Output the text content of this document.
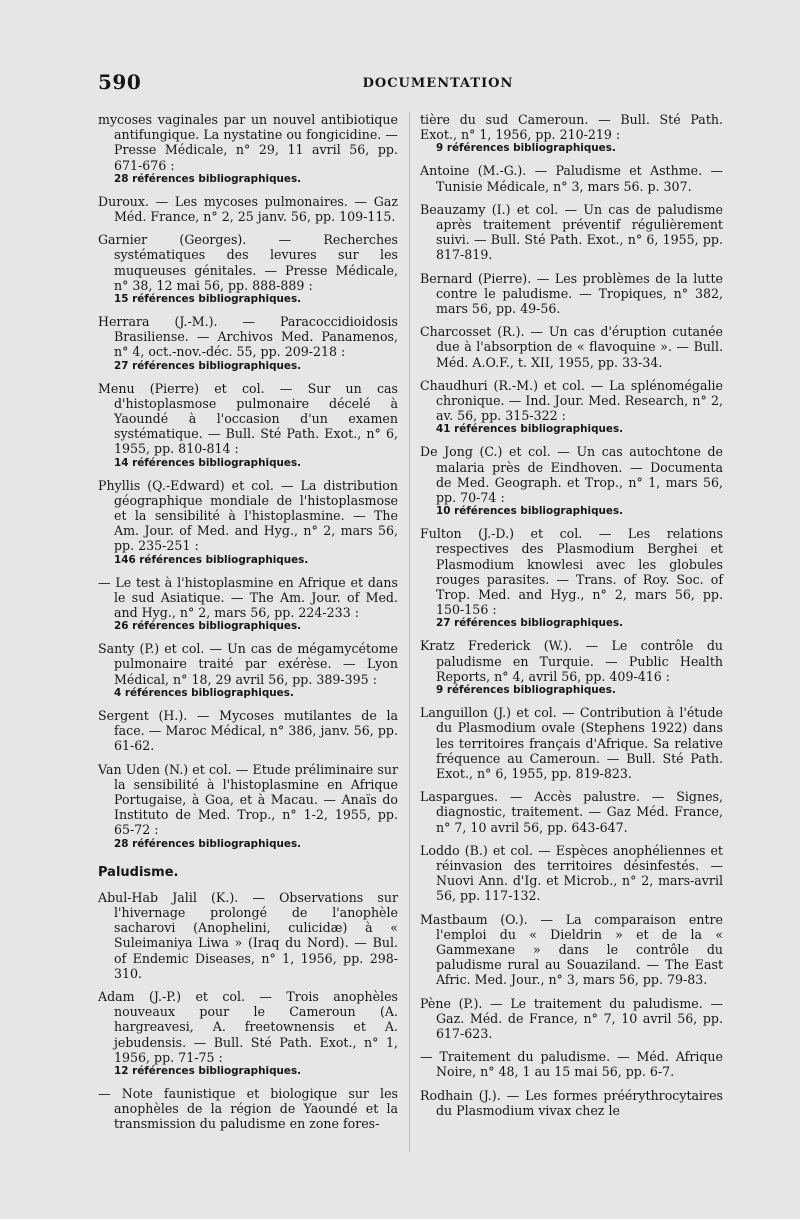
590	DOCUMENTATION

mycoses vaginales par un nouvel antibiotique antifungique. La nystatine ou fongicidine. — Presse Médicale, n° 29, 11 avril 56, pp. 671-676 :

28 références bibliographiques.

Duroux. — Les mycoses pulmonaires. — Gaz Méd. France, n° 2, 25 janv. 56, pp. 109-115.

Garnier (Georges). — Recherches systématiques des levures sur les muqueuses génitales. — Presse Médicale, n° 38, 12 mai 56, pp. 888-889 :

15 références bibliographiques.

Herrara (J.-M.). — Paracoccidioidosis Brasiliense. — Archivos Med. Panamenos, n° 4, oct.-nov.-déc. 55, pp. 209-218 :

27 références bibliographiques.

Menu (Pierre) et col. — Sur un cas d'histoplasmose pulmonaire décelé à Yaoundé à l'occasion d'un examen systématique. — Bull. Sté Path. Exot., n° 6, 1955, pp. 810-814 :

14 références bibliographiques.

Phyllis (Q.-Edward) et col. — La distribution géographique mondiale de l'histoplasmose et la sensibilité à l'histoplasmine. — The Am. Jour. of Med. and Hyg., n° 2, mars 56, pp. 235-251 :

146 références bibliographiques.

— Le test à l'histoplasmine en Afrique et dans le sud Asiatique. — The Am. Jour. of Med. and Hyg., n° 2, mars 56, pp. 224-233 :

26 références bibliographiques.

Santy (P.) et col. — Un cas de mégamycétome pulmonaire traité par exérèse. — Lyon Médical, n° 18, 29 avril 56, pp. 389-395 :

4 références bibliographiques.

Sergent (H.). — Mycoses mutilantes de la face. — Maroc Médical, n° 386, janv. 56, pp. 61-62.

Van Uden (N.) et col. — Etude préliminaire sur la sensibilité à l'histoplasmine en Afrique Portugaise, à Goa, et à Macau. — Anaïs do Instituto de Med. Trop., n° 1-2, 1955, pp. 65-72 :

28 références bibliographiques.

Paludisme.

Abul-Hab Jalil (K.). — Observations sur l'hivernage prolongé de l'anophèle sacharovi (Anophelini, culicidæ) à « Suleimaniya Liwa » (Iraq du Nord). — Bul. of Endemic Diseases, n° 1, 1956, pp. 298-310.

Adam (J.-P.) et col. — Trois anophèles nouveaux pour le Cameroun (A. hargreavesi, A. freetownensis et A. jebudensis. — Bull. Sté Path. Exot., n° 1, 1956, pp. 71-75 :

12 références bibliographiques.

— Note faunistique et biologique sur les anophèles de la région de Yaoundé et la transmission du paludisme en zone fores-

tière du sud Cameroun. — Bull. Sté Path. Exot., n° 1, 1956, pp. 210-219 :

9 références bibliographiques.

Antoine (M.-G.). — Paludisme et Asthme. — Tunisie Médicale, n° 3, mars 56. p. 307.

Beauzamy (I.) et col. — Un cas de paludisme après traitement préventif régulièrement suivi. — Bull. Sté Path. Exot., n° 6, 1955, pp. 817-819.

Bernard (Pierre). — Les problèmes de la lutte contre le paludisme. — Tropiques, n° 382, mars 56, pp. 49-56.

Charcosset (R.). — Un cas d'éruption cutanée due à l'absorption de « flavoquine ». — Bull. Méd. A.O.F., t. XII, 1955, pp. 33-34.

Chaudhuri (R.-M.) et col. — La splénomégalie chronique. — Ind. Jour. Med. Research, n° 2, av. 56, pp. 315-322 :

41 références bibliographiques.

De Jong (C.) et col. — Un cas autochtone de malaria près de Eindhoven. — Documenta de Med. Geograph. et Trop., n° 1, mars 56, pp. 70-74 :

10 références bibliographiques.

Fulton (J.-D.) et col. — Les relations respectives des Plasmodium Berghei et Plasmodium knowlesi avec les globules rouges parasites. — Trans. of Roy. Soc. of Trop. Med. and Hyg., n° 2, mars 56, pp. 150-156 :

27 références bibliographiques.

Kratz Frederick (W.). — Le contrôle du paludisme en Turquie. — Public Health Reports, n° 4, avril 56, pp. 409-416 :

9 références bibliographiques.

Languillon (J.) et col. — Contribution à l'étude du Plasmodium ovale (Stephens 1922) dans les territoires français d'Afrique. Sa relative fréquence au Cameroun. — Bull. Sté Path. Exot., n° 6, 1955, pp. 819-823.

Laspargues. — Accès palustre. — Signes, diagnostic, traitement. — Gaz Méd. France, n° 7, 10 avril 56, pp. 643-647.

Loddo (B.) et col. — Espèces anophéliennes et réinvasion des territoires désinfestés. — Nuovi Ann. d'Ig. et Microb., n° 2, mars-avril 56, pp. 117-132.

Mastbaum (O.). — La comparaison entre l'emploi du « Dieldrin » et de la « Gammexane » dans le contrôle du paludisme rural au Souaziland. — The East Afric. Med. Jour., n° 3, mars 56, pp. 79-83.

Pène (P.). — Le traitement du paludisme. — Gaz. Méd. de France, n° 7, 10 avril 56, pp. 617-623.

— Traitement du paludisme. — Méd. Afrique Noire, n° 48, 1 au 15 mai 56, pp. 6-7.

Rodhain (J.). — Les formes préérythrocytaires du Plasmodium vivax chez le
